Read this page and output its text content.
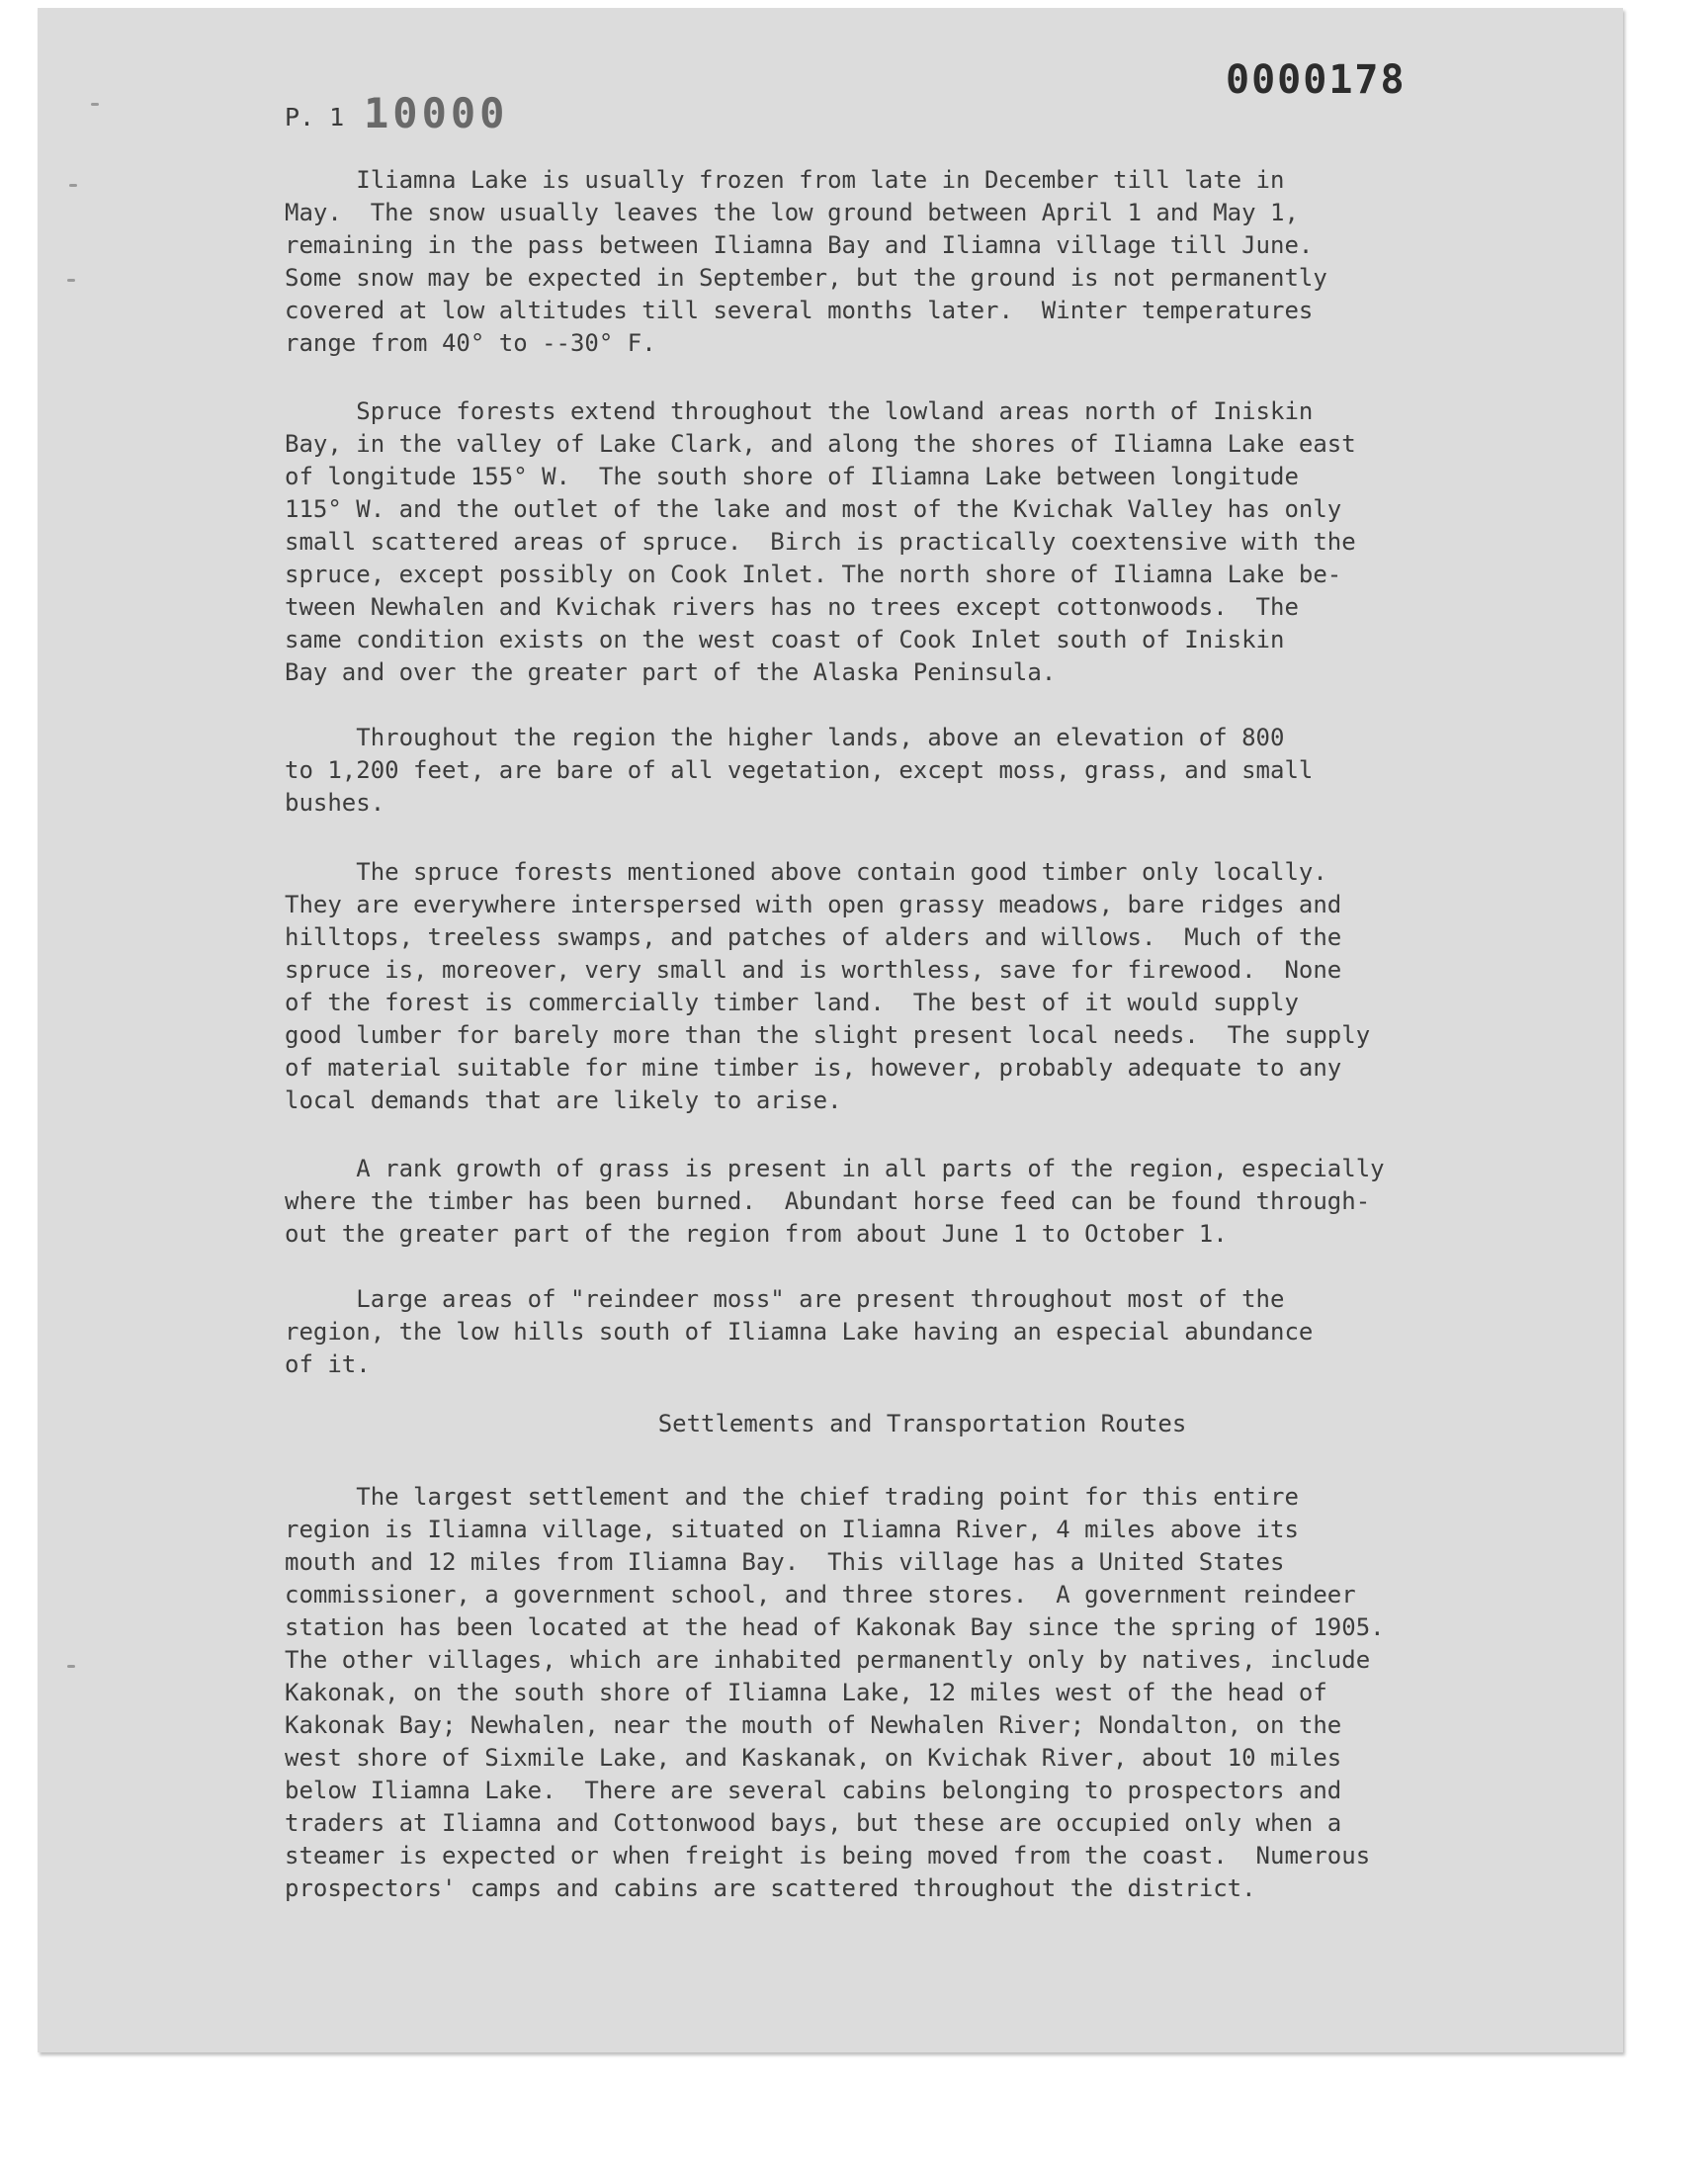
P. 1 10000
0000178
Iliamna Lake is usually frozen from late in December till late in
May.  The snow usually leaves the low ground between April 1 and May 1,
remaining in the pass between Iliamna Bay and Iliamna village till June.
Some snow may be expected in September, but the ground is not permanently
covered at low altitudes till several months later.  Winter temperatures
range from 40° to --30° F.
Spruce forests extend throughout the lowland areas north of Iniskin
Bay, in the valley of Lake Clark, and along the shores of Iliamna Lake east
of longitude 155° W.  The south shore of Iliamna Lake between longitude
115° W. and the outlet of the lake and most of the Kvichak Valley has only
small scattered areas of spruce.  Birch is practically coextensive with the
spruce, except possibly on Cook Inlet. The north shore of Iliamna Lake be-
tween Newhalen and Kvichak rivers has no trees except cottonwoods.  The
same condition exists on the west coast of Cook Inlet south of Iniskin
Bay and over the greater part of the Alaska Peninsula.
Throughout the region the higher lands, above an elevation of 800
to 1,200 feet, are bare of all vegetation, except moss, grass, and small
bushes.
The spruce forests mentioned above contain good timber only locally.
They are everywhere interspersed with open grassy meadows, bare ridges and
hilltops, treeless swamps, and patches of alders and willows.  Much of the
spruce is, moreover, very small and is worthless, save for firewood.  None
of the forest is commercially timber land.  The best of it would supply
good lumber for barely more than the slight present local needs.  The supply
of material suitable for mine timber is, however, probably adequate to any
local demands that are likely to arise.
A rank growth of grass is present in all parts of the region, especially
where the timber has been burned.  Abundant horse feed can be found through-
out the greater part of the region from about June 1 to October 1.
Large areas of "reindeer moss" are present throughout most of the
region, the low hills south of Iliamna Lake having an especial abundance
of it.
Settlements and Transportation Routes
The largest settlement and the chief trading point for this entire
region is Iliamna village, situated on Iliamna River, 4 miles above its
mouth and 12 miles from Iliamna Bay.  This village has a United States
commissioner, a government school, and three stores.  A government reindeer
station has been located at the head of Kakonak Bay since the spring of 1905.
The other villages, which are inhabited permanently only by natives, include
Kakonak, on the south shore of Iliamna Lake, 12 miles west of the head of
Kakonak Bay; Newhalen, near the mouth of Newhalen River; Nondalton, on the
west shore of Sixmile Lake, and Kaskanak, on Kvichak River, about 10 miles
below Iliamna Lake.  There are several cabins belonging to prospectors and
traders at Iliamna and Cottonwood bays, but these are occupied only when a
steamer is expected or when freight is being moved from the coast.  Numerous
prospectors' camps and cabins are scattered throughout the district.
